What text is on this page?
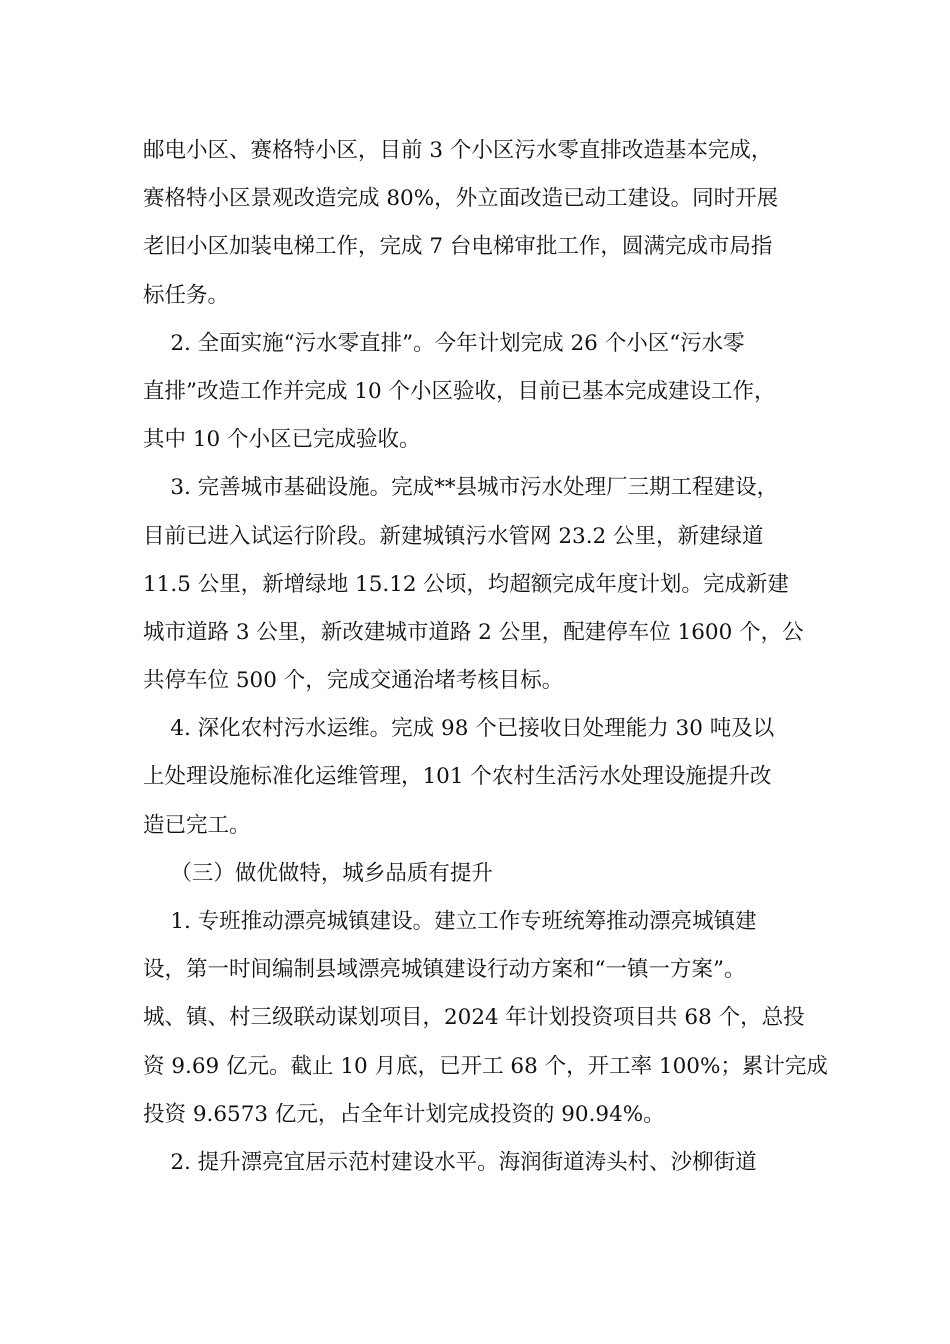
邮电小区、赛格特小区，目前 3 个小区污水零直排改造基本完成，
赛格特小区景观改造完成 80%，外立面改造已动工建设。同时开展
老旧小区加装电梯工作，完成 7 台电梯审批工作，圆满完成市局指
标任务。
2. 全面实施“污水零直排”。今年计划完成 26 个小区“污水零
直排”改造工作并完成 10 个小区验收，目前已基本完成建设工作，
其中 10 个小区已完成验收。
3. 完善城市基础设施。完成**县城市污水处理厂三期工程建设，
目前已进入试运行阶段。新建城镇污水管网 23.2 公里，新建绿道
11.5 公里，新增绿地 15.12 公顷，均超额完成年度计划。完成新建
城市道路 3 公里，新改建城市道路 2 公里，配建停车位 1600 个，公
共停车位 500 个，完成交通治堵考核目标。
4. 深化农村污水运维。完成 98 个已接收日处理能力 30 吨及以
上处理设施标准化运维管理，101 个农村生活污水处理设施提升改
造已完工。
（三）做优做特，城乡品质有提升
1. 专班推动漂亮城镇建设。建立工作专班统筹推动漂亮城镇建
设，第一时间编制县域漂亮城镇建设行动方案和“一镇一方案”。
城、镇、村三级联动谋划项目，2024 年计划投资项目共 68 个，总投
资 9.69 亿元。截止 10 月底，已开工 68 个，开工率 100%；累计完成
投资 9.6573 亿元，占全年计划完成投资的 90.94%。
2. 提升漂亮宜居示范村建设水平。海润街道涛头村、沙柳街道
